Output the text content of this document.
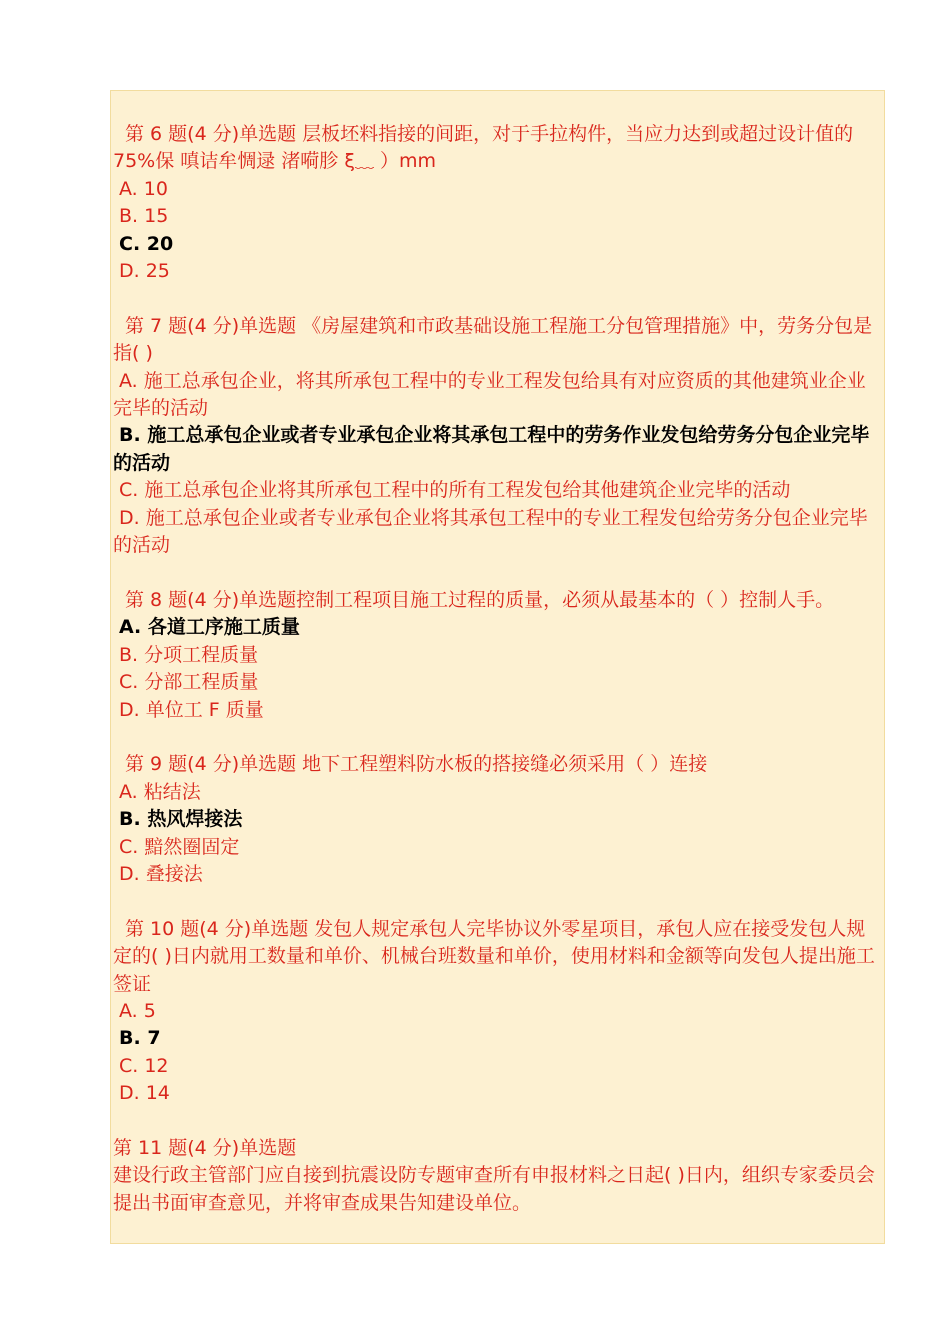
第 6 题(4 分)单选题 层板坯料指接的间距，对于手拉构件，当应力达到或超过设计值的 75%保 嗔诘牟惆逯 渚嗬胗 ξ﹏ ）mm
A. 10
B. 15
C. 20
D. 25
第 7 题(4 分)单选题 《房屋建筑和市政基础设施工程施工分包管理措施》中，劳务分包是指( )
A. 施工总承包企业，将其所承包工程中的专业工程发包给具有对应资质的其他建筑业企业完毕的活动
B. 施工总承包企业或者专业承包企业将其承包工程中的劳务作业发包给劳务分包企业完毕的活动
C. 施工总承包企业将其所承包工程中的所有工程发包给其他建筑企业完毕的活动
D. 施工总承包企业或者专业承包企业将其承包工程中的专业工程发包给劳务分包企业完毕的活动
第 8 题(4 分)单选题控制工程项目施工过程的质量，必须从最基本的（ ）控制人手。
A. 各道工序施工质量
B. 分项工程质量
C. 分部工程质量
D. 单位工 F 质量
第 9 题(4 分)单选题 地下工程塑料防水板的搭接缝必须采用（ ）连接
A. 粘结法
B. 热风焊接法
C. 黯然圈固定
D. 叠接法
第 10 题(4 分)单选题 发包人规定承包人完毕协议外零星项目，承包人应在接受发包人规定的( )日内就用工数量和单价、机械台班数量和单价，使用材料和金额等向发包人提出施工签证
A. 5
B. 7
C. 12
D. 14
第 11 题(4 分)单选题
建设行政主管部门应自接到抗震设防专题审查所有申报材料之日起( )日内，组织专家委员会提出书面审查意见，并将审查成果告知建设单位。
